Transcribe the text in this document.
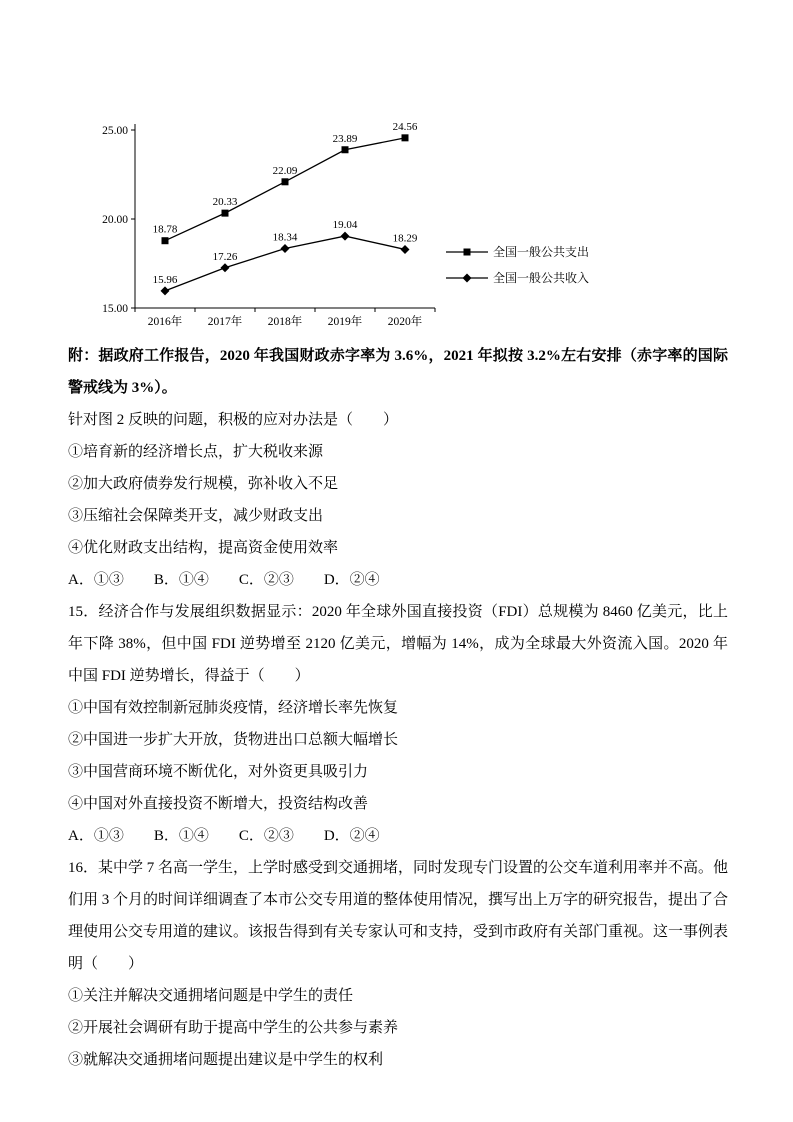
25.00
20.00
15.00
2016年 2017年 2018年 2019年 2020年
18.78
20.33
22.09
23.89
24.56
15.96
17.26
18.34
19.04
18.29
全国一般公共支出
全国一般公共收入

附：据政府工作报告，2020 年我国财政赤字率为 3.6%，2021 年拟按 3.2%左右安排（赤字率的国际警戒线为 3%）。

针对图 2 反映的问题，积极的应对办法是（　　）

①培育新的经济增长点，扩大税收来源

②加大政府债券发行规模，弥补收入不足

③压缩社会保障类开支，减少财政支出

④优化财政支出结构，提高资金使用效率

A．①③　　B．①④　　C．②③　　D．②④

15．经济合作与发展组织数据显示：2020 年全球外国直接投资（FDI）总规模为 8460 亿美元，比上年下降 38%，但中国 FDI 逆势增至 2120 亿美元，增幅为 14%，成为全球最大外资流入国。2020 年中国 FDI 逆势增长，得益于（　　）

①中国有效控制新冠肺炎疫情，经济增长率先恢复

②中国进一步扩大开放，货物进出口总额大幅增长

③中国营商环境不断优化，对外资更具吸引力

④中国对外直接投资不断增大，投资结构改善

A．①③　　B．①④　　C．②③　　D．②④

16．某中学 7 名高一学生，上学时感受到交通拥堵，同时发现专门设置的公交车道利用率并不高。他们用 3 个月的时间详细调查了本市公交专用道的整体使用情况，撰写出上万字的研究报告，提出了合理使用公交专用道的建议。该报告得到有关专家认可和支持，受到市政府有关部门重视。这一事例表明（　　）

①关注并解决交通拥堵问题是中学生的责任

②开展社会调研有助于提高中学生的公共参与素养

③就解决交通拥堵问题提出建议是中学生的权利
